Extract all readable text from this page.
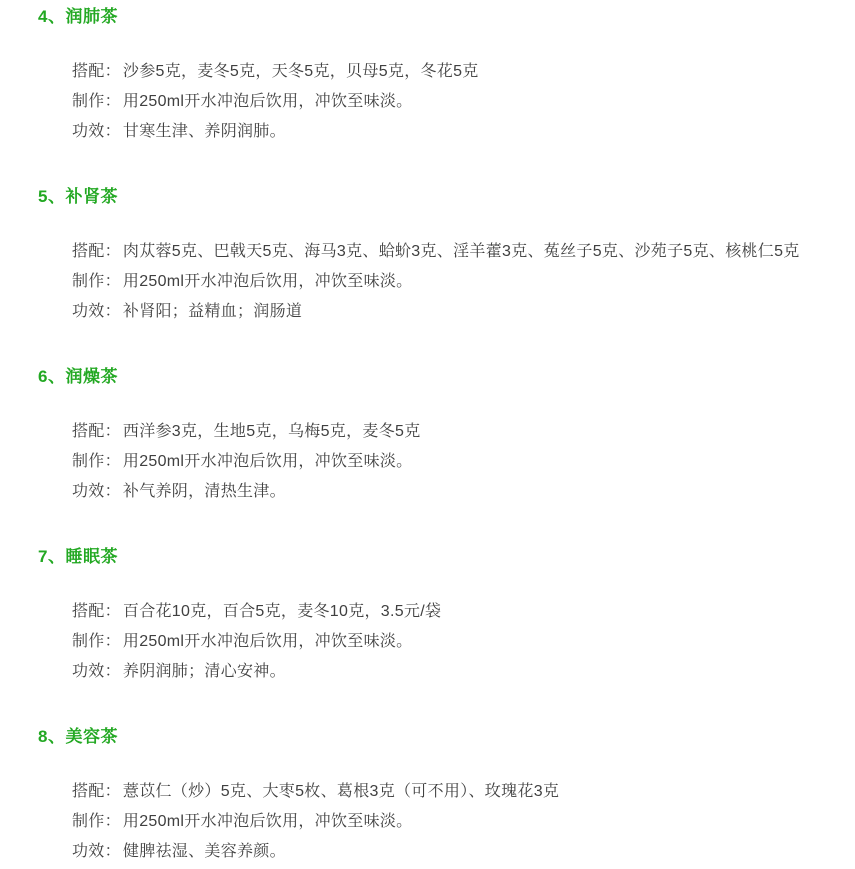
4、润肺茶
搭配： 沙参5克，麦冬5克，天冬5克，贝母5克，冬花5克
制作： 用250ml开水冲泡后饮用，冲饮至味淡。
功效： 甘寒生津、养阴润肺。
5、补肾茶
搭配： 肉苁蓉5克、巴戟天5克、海马3克、蛤蚧3克、淫羊藿3克、菟丝子5克、沙苑子5克、核桃仁5克
制作： 用250ml开水冲泡后饮用，冲饮至味淡。
功效： 补肾阳；益精血；润肠道
6、润燥茶
搭配： 西洋参3克，生地5克，乌梅5克，麦冬5克
制作： 用250ml开水冲泡后饮用，冲饮至味淡。
功效： 补气养阴，清热生津。
7、睡眠茶
搭配： 百合花10克，百合5克，麦冬10克，3.5元/袋
制作： 用250ml开水冲泡后饮用，冲饮至味淡。
功效： 养阴润肺；清心安神。
8、美容茶
搭配： 薏苡仁（炒）5克、大枣5枚、葛根3克（可不用）、玫瑰花3克
制作： 用250ml开水冲泡后饮用，冲饮至味淡。
功效： 健脾祛湿、美容养颜。
